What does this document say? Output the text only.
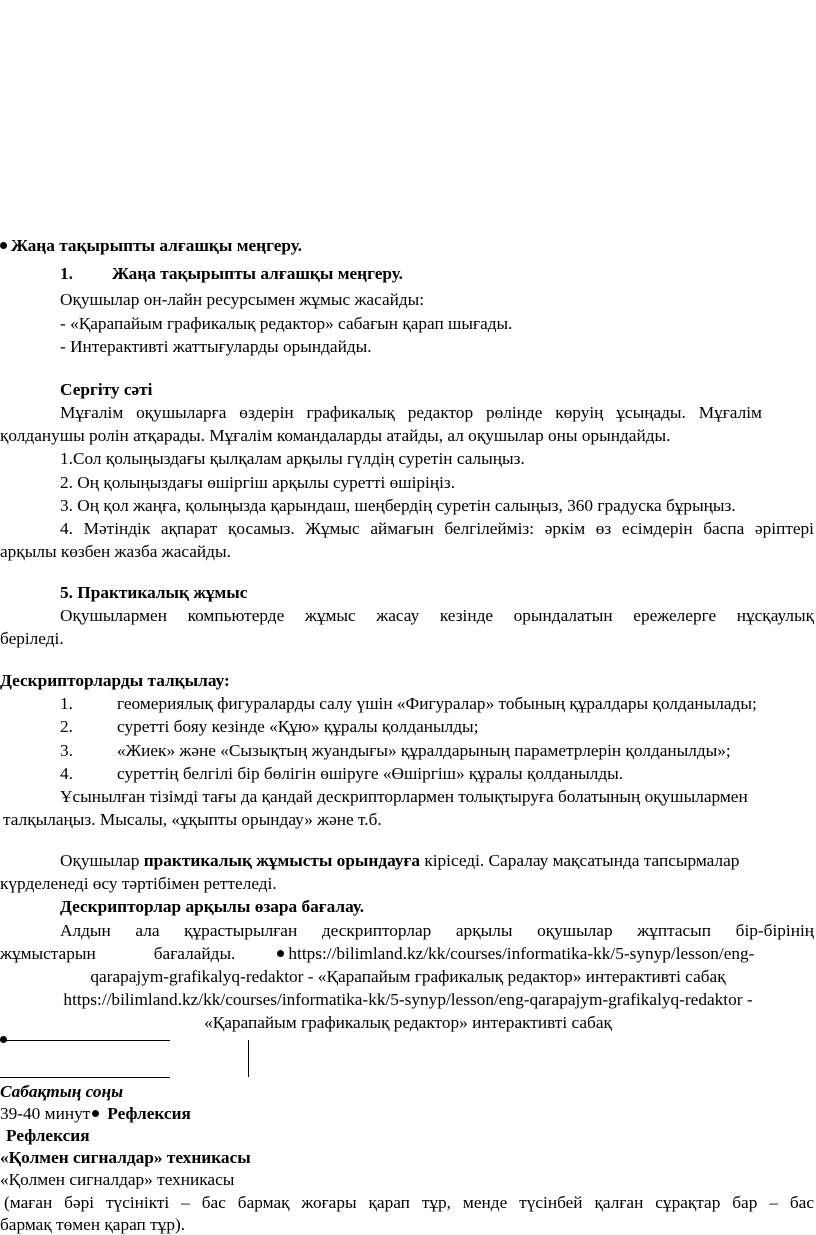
Жаңа тақырыпты алғашқы меңгеру.
1. Жаңа тақырыпты алғашқы меңгеру.
Оқушылар он-лайн ресурсымен жұмыс жасайды:
- «Қарапайым графикалық редактор» сабағын қарап шығады.
- Интерактивті жаттығуларды орындайды.
Сергіту сәті
Мұғалім оқушыларға өздерін графикалық редактор рөлінде көруің ұсыңады. Мұғалім
қолданушы ролін атқарады. Мұғалім командаларды атайды, ал оқушылар оны орындайды.
1.Сол қолыңыздағы қылқалам арқылы гүлдің суретін салыңыз.
2. Оң қолыңыздағы өшіргіш арқылы суретті өшіріңіз.
3. Оң қол жаңға, қолыңызда қарындаш, шеңбердің суретін салыңыз, 360 градуска бұрыңыз.
4. Мәтіндік ақпарат қосамыз. Жұмыс аймағын белгілейміз: әркім өз есімдерін баспа әріптері
арқылы көзбен жазба жасайды.
5. Практикалық жұмыс
Оқушылармен компьютерде жұмыс жасау кезінде орындалатын ережелерге нұсқаулық
беріледі.
Дескрипторларды талқылау:
1.	геомериялық фигураларды салу үшін «Фигуралар» тобының құралдары қолданылады;
2.	суретті бояу кезінде «Құю» құралы қолданылды;
3.	«Жиек» және «Сызықтың жуандығы» құралдарының параметрлерін қолданылды»;
4.	суреттің белгілі бір бөлігін өшіруге «Өшіргіш» құралы қолданылды.
Ұсынылған тізімді тағы да қандай дескрипторлармен толықтыруға болатының оқушылармен
талқылаңыз. Мысалы, «ұқыпты орындау» және т.б.
Оқушылар практикалық жұмысты орындауға кіріседі. Саралау мақсатында тапсырмалар
күрделенеді өсу тәртібімен реттеледі.
Дескрипторлар арқылы өзара бағалау.
Алдын ала құрастырылған дескрипторлар арқылы оқушылар жұптасып бір-бірінің
жұмыстарын	бағалайды.	https://bilimland.kz/kk/courses/informatika-kk/5-synyp/lesson/eng-
qarapajym-grafikalyq-redaktor - «Қарапайым графикалық редактор» интерактивті сабақ
https://bilimland.kz/kk/courses/informatika-kk/5-synyp/lesson/eng-qarapajym-grafikalyq-redaktor -
«Қарапайым графикалық редактор» интерактивті сабақ
Сабақтың соңы
39-40 минут Рефлексия
Рефлексия
«Қолмен сигналдар» техникасы
«Қолмен сигналдар» техникасы
(маған бәрі түсінікті – бас бармақ жоғары қарап тұр, менде түсінбей қалған сұрақтар бар – бас
бармақ төмен қарап тұр).
